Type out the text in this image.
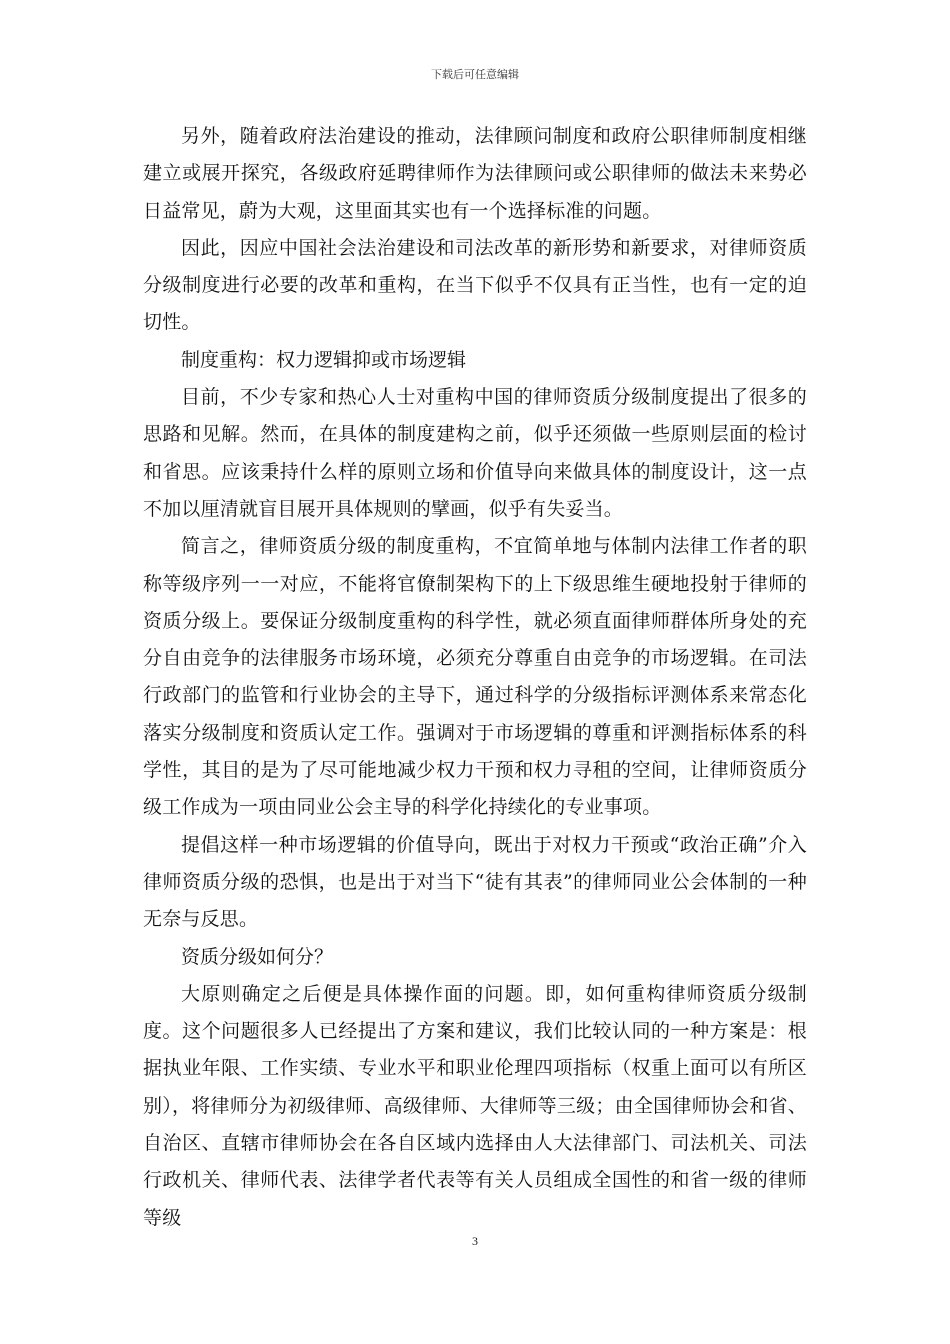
下载后可任意编辑

另外，随着政府法治建设的推动，法律顾问制度和政府公职律师制度相继建立或展开探究，各级政府延聘律师作为法律顾问或公职律师的做法未来势必日益常见，蔚为大观，这里面其实也有一个选择标准的问题。

因此，因应中国社会法治建设和司法改革的新形势和新要求，对律师资质分级制度进行必要的改革和重构，在当下似乎不仅具有正当性，也有一定的迫切性。

制度重构：权力逻辑抑或市场逻辑

目前，不少专家和热心人士对重构中国的律师资质分级制度提出了很多的思路和见解。然而，在具体的制度建构之前，似乎还须做一些原则层面的检讨和省思。应该秉持什么样的原则立场和价值导向来做具体的制度设计，这一点不加以厘清就盲目展开具体规则的擘画，似乎有失妥当。

简言之，律师资质分级的制度重构，不宜简单地与体制内法律工作者的职称等级序列一一对应，不能将官僚制架构下的上下级思维生硬地投射于律师的资质分级上。要保证分级制度重构的科学性，就必须直面律师群体所身处的充分自由竞争的法律服务市场环境，必须充分尊重自由竞争的市场逻辑。在司法行政部门的监管和行业协会的主导下，通过科学的分级指标评测体系来常态化落实分级制度和资质认定工作。强调对于市场逻辑的尊重和评测指标体系的科学性，其目的是为了尽可能地减少权力干预和权力寻租的空间，让律师资质分级工作成为一项由同业公会主导的科学化持续化的专业事项。

提倡这样一种市场逻辑的价值导向，既出于对权力干预或“政治正确”介入律师资质分级的恐惧，也是出于对当下“徒有其表”的律师同业公会体制的一种无奈与反思。

资质分级如何分？

大原则确定之后便是具体操作面的问题。即，如何重构律师资质分级制度。这个问题很多人已经提出了方案和建议，我们比较认同的一种方案是：根据执业年限、工作实绩、专业水平和职业伦理四项指标（权重上面可以有所区别），将律师分为初级律师、高级律师、大律师等三级；由全国律师协会和省、自治区、直辖市律师协会在各自区域内选择由人大法律部门、司法机关、司法行政机关、律师代表、法律学者代表等有关人员组成全国性的和省一级的律师等级

3
